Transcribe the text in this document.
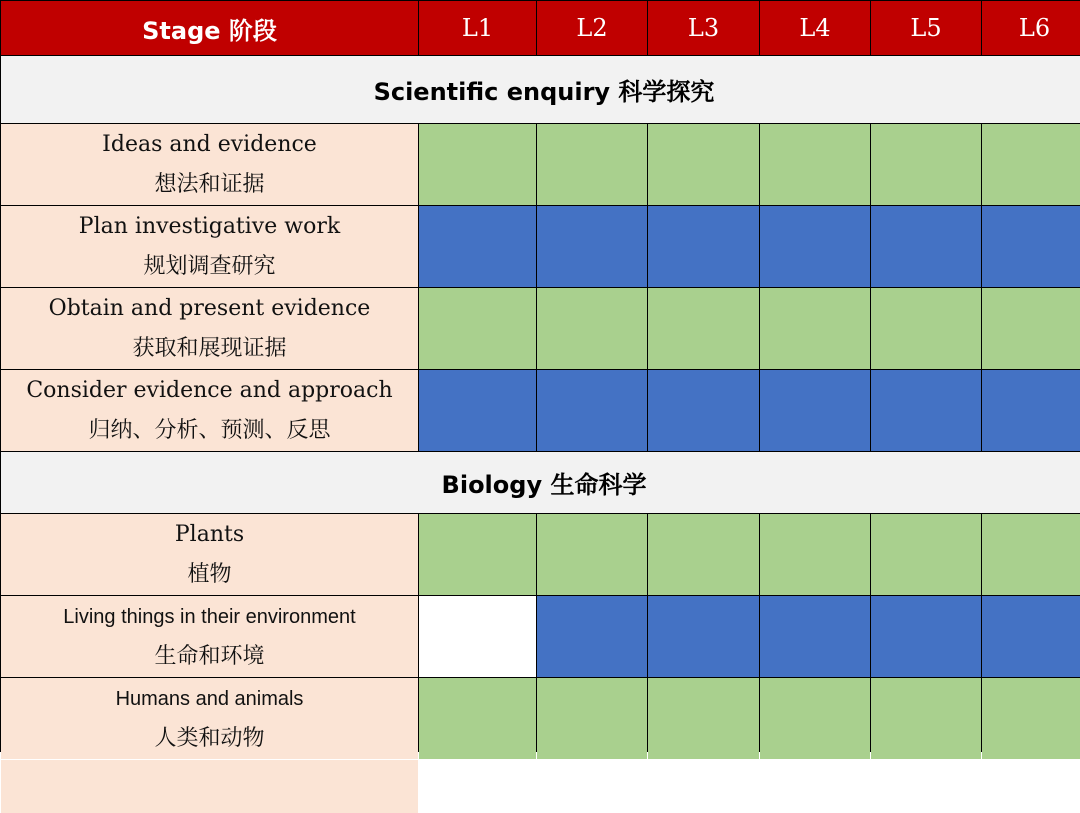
Stage 阶段	L1	L2	L3	L4	L5	L6
Scientific enquiry 科学探究
Ideas and evidence
想法和证据
Plan investigative work
规划调查研究
Obtain and present evidence
获取和展现证据
Consider evidence and approach
归纳、分析、预测、反思
Biology 生命科学
Plants
植物
Living things in their environment
生命和环境
Humans and animals
人类和动物
